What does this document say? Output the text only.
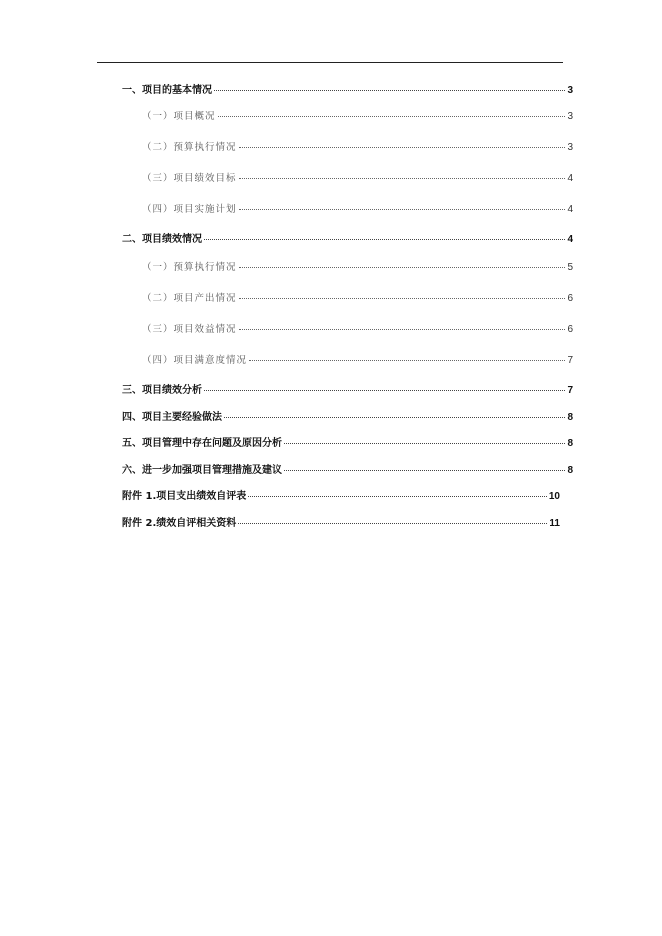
一、项目的基本情况	3
（一）项目概况	3
（二）预算执行情况	3
（三）项目绩效目标	4
（四）项目实施计划	4
二、项目绩效情况	4
（一）预算执行情况	5
（二）项目产出情况	6
（三）项目效益情况	6
（四）项目满意度情况	7
三、项目绩效分析	7
四、项目主要经验做法	8
五、项目管理中存在问题及原因分析	8
六、进一步加强项目管理措施及建议	8
附件 1.项目支出绩效自评表	10
附件 2.绩效自评相关资料	11
